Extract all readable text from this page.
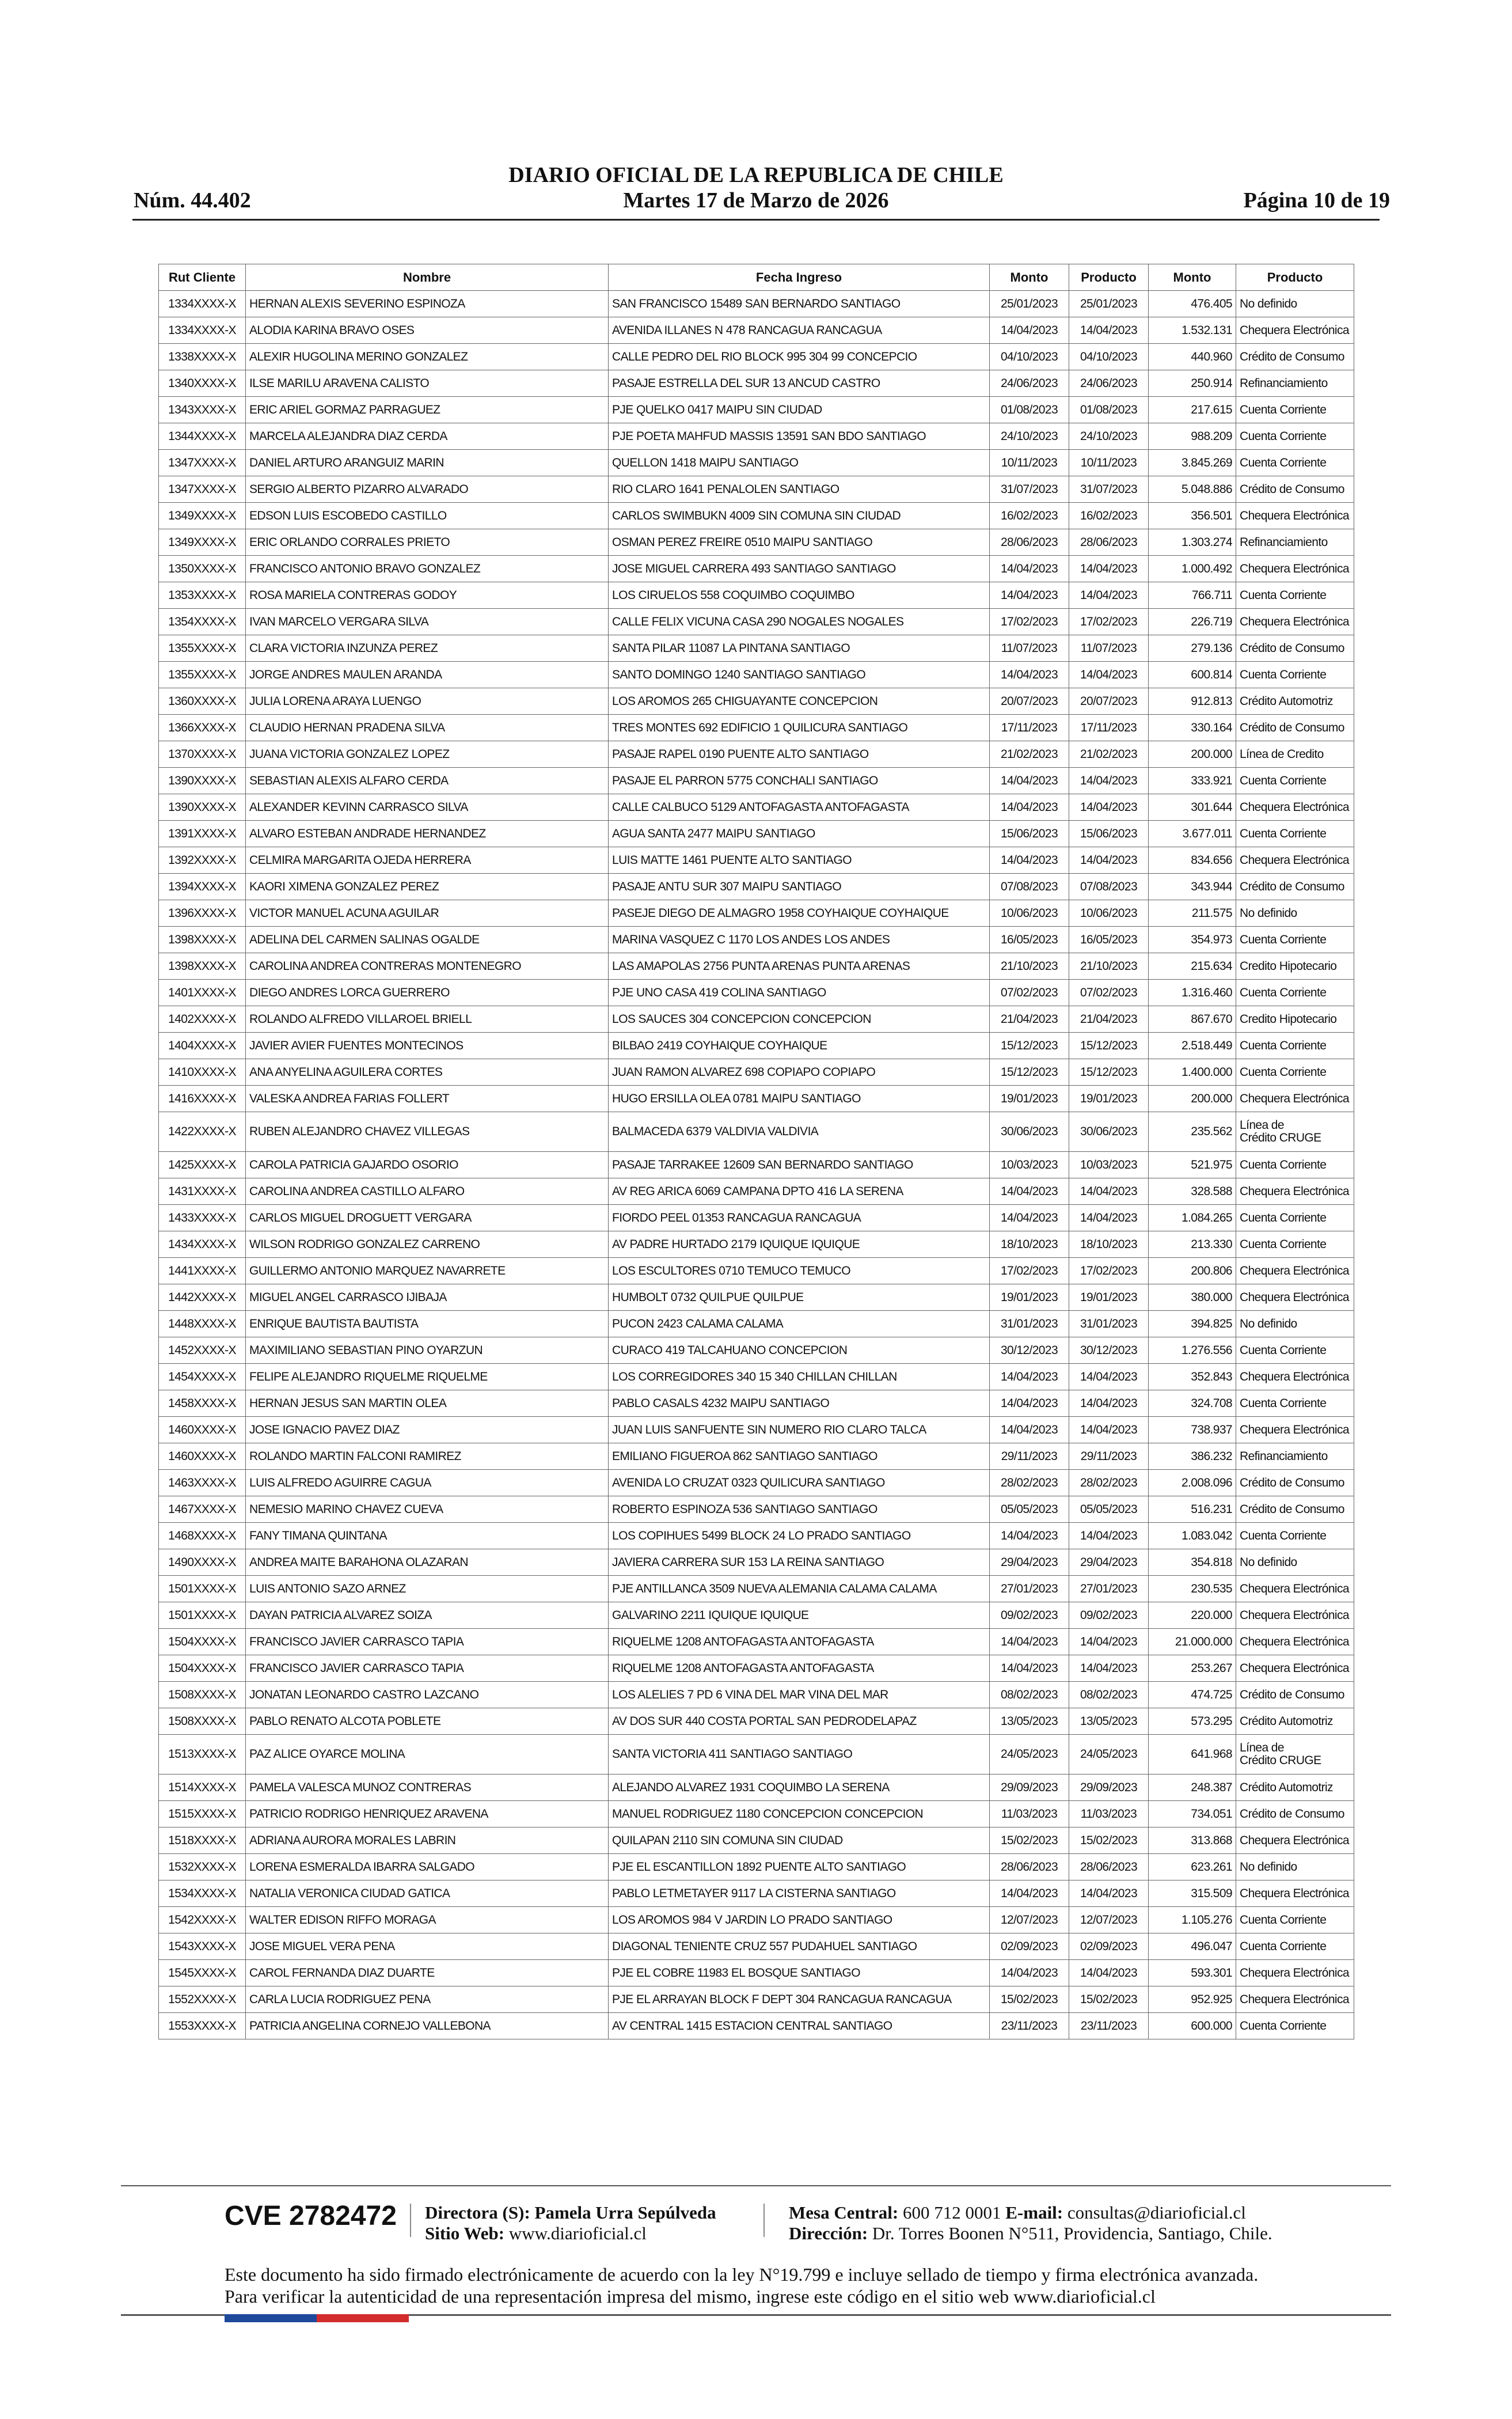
DIARIO OFICIAL DE LA REPUBLICA DE CHILE
Núm. 44.402	Martes 17 de Marzo de 2026	Página 10 de 19
Rut Cliente	Nombre	Fecha Ingreso	Monto	Producto	Monto	Producto
1334XXXX-X	HERNAN ALEXIS SEVERINO ESPINOZA	SAN FRANCISCO 15489 SAN BERNARDO SANTIAGO	25/01/2023	25/01/2023	476.405	No definido
1334XXXX-X	ALODIA KARINA BRAVO OSES	AVENIDA ILLANES N 478 RANCAGUA RANCAGUA	14/04/2023	14/04/2023	1.532.131	Chequera Electrónica
1338XXXX-X	ALEXIR HUGOLINA MERINO GONZALEZ	CALLE PEDRO DEL RIO BLOCK 995 304 99 CONCEPCIO	04/10/2023	04/10/2023	440.960	Crédito de Consumo
1340XXXX-X	ILSE MARILU ARAVENA CALISTO	PASAJE ESTRELLA DEL SUR 13 ANCUD CASTRO	24/06/2023	24/06/2023	250.914	Refinanciamiento
1343XXXX-X	ERIC ARIEL GORMAZ PARRAGUEZ	PJE QUELKO 0417 MAIPU SIN CIUDAD	01/08/2023	01/08/2023	217.615	Cuenta Corriente
1344XXXX-X	MARCELA ALEJANDRA DIAZ CERDA	PJE POETA MAHFUD MASSIS 13591 SAN BDO SANTIAGO	24/10/2023	24/10/2023	988.209	Cuenta Corriente
1347XXXX-X	DANIEL ARTURO ARANGUIZ MARIN	QUELLON 1418 MAIPU SANTIAGO	10/11/2023	10/11/2023	3.845.269	Cuenta Corriente
1347XXXX-X	SERGIO ALBERTO PIZARRO ALVARADO	RIO CLARO 1641 PENALOLEN SANTIAGO	31/07/2023	31/07/2023	5.048.886	Crédito de Consumo
1349XXXX-X	EDSON LUIS ESCOBEDO CASTILLO	CARLOS SWIMBUKN 4009 SIN COMUNA SIN CIUDAD	16/02/2023	16/02/2023	356.501	Chequera Electrónica
1349XXXX-X	ERIC ORLANDO CORRALES PRIETO	OSMAN PEREZ FREIRE 0510 MAIPU SANTIAGO	28/06/2023	28/06/2023	1.303.274	Refinanciamiento
1350XXXX-X	FRANCISCO ANTONIO BRAVO GONZALEZ	JOSE MIGUEL CARRERA 493 SANTIAGO SANTIAGO	14/04/2023	14/04/2023	1.000.492	Chequera Electrónica
1353XXXX-X	ROSA MARIELA CONTRERAS GODOY	LOS CIRUELOS 558 COQUIMBO COQUIMBO	14/04/2023	14/04/2023	766.711	Cuenta Corriente
1354XXXX-X	IVAN MARCELO VERGARA SILVA	CALLE FELIX VICUNA CASA 290 NOGALES NOGALES	17/02/2023	17/02/2023	226.719	Chequera Electrónica
1355XXXX-X	CLARA VICTORIA INZUNZA PEREZ	SANTA PILAR 11087 LA PINTANA SANTIAGO	11/07/2023	11/07/2023	279.136	Crédito de Consumo
1355XXXX-X	JORGE ANDRES MAULEN ARANDA	SANTO DOMINGO 1240 SANTIAGO SANTIAGO	14/04/2023	14/04/2023	600.814	Cuenta Corriente
1360XXXX-X	JULIA LORENA ARAYA LUENGO	LOS AROMOS 265 CHIGUAYANTE CONCEPCION	20/07/2023	20/07/2023	912.813	Crédito Automotriz
1366XXXX-X	CLAUDIO HERNAN PRADENA SILVA	TRES MONTES 692 EDIFICIO 1 QUILICURA SANTIAGO	17/11/2023	17/11/2023	330.164	Crédito de Consumo
1370XXXX-X	JUANA VICTORIA GONZALEZ LOPEZ	PASAJE RAPEL 0190 PUENTE ALTO SANTIAGO	21/02/2023	21/02/2023	200.000	Línea de Credito
1390XXXX-X	SEBASTIAN ALEXIS ALFARO CERDA	PASAJE EL PARRON 5775 CONCHALI SANTIAGO	14/04/2023	14/04/2023	333.921	Cuenta Corriente
1390XXXX-X	ALEXANDER KEVINN CARRASCO SILVA	CALLE CALBUCO 5129 ANTOFAGASTA ANTOFAGASTA	14/04/2023	14/04/2023	301.644	Chequera Electrónica
1391XXXX-X	ALVARO ESTEBAN ANDRADE HERNANDEZ	AGUA SANTA 2477 MAIPU SANTIAGO	15/06/2023	15/06/2023	3.677.011	Cuenta Corriente
1392XXXX-X	CELMIRA MARGARITA OJEDA HERRERA	LUIS MATTE 1461 PUENTE ALTO SANTIAGO	14/04/2023	14/04/2023	834.656	Chequera Electrónica
1394XXXX-X	KAORI XIMENA GONZALEZ PEREZ	PASAJE ANTU SUR 307 MAIPU SANTIAGO	07/08/2023	07/08/2023	343.944	Crédito de Consumo
1396XXXX-X	VICTOR MANUEL ACUNA AGUILAR	PASEJE DIEGO DE ALMAGRO 1958 COYHAIQUE COYHAIQUE	10/06/2023	10/06/2023	211.575	No definido
1398XXXX-X	ADELINA DEL CARMEN SALINAS OGALDE	MARINA VASQUEZ C 1170 LOS ANDES LOS ANDES	16/05/2023	16/05/2023	354.973	Cuenta Corriente
1398XXXX-X	CAROLINA ANDREA CONTRERAS MONTENEGRO	LAS AMAPOLAS 2756 PUNTA ARENAS PUNTA ARENAS	21/10/2023	21/10/2023	215.634	Credito Hipotecario
1401XXXX-X	DIEGO ANDRES LORCA GUERRERO	PJE UNO CASA 419 COLINA SANTIAGO	07/02/2023	07/02/2023	1.316.460	Cuenta Corriente
1402XXXX-X	ROLANDO ALFREDO VILLAROEL BRIELL	LOS SAUCES 304 CONCEPCION CONCEPCION	21/04/2023	21/04/2023	867.670	Credito Hipotecario
1404XXXX-X	JAVIER AVIER FUENTES MONTECINOS	BILBAO 2419 COYHAIQUE COYHAIQUE	15/12/2023	15/12/2023	2.518.449	Cuenta Corriente
1410XXXX-X	ANA ANYELINA AGUILERA CORTES	JUAN RAMON ALVAREZ 698 COPIAPO COPIAPO	15/12/2023	15/12/2023	1.400.000	Cuenta Corriente
1416XXXX-X	VALESKA ANDREA FARIAS FOLLERT	HUGO ERSILLA OLEA 0781 MAIPU SANTIAGO	19/01/2023	19/01/2023	200.000	Chequera Electrónica
1422XXXX-X	RUBEN ALEJANDRO CHAVEZ VILLEGAS	BALMACEDA 6379 VALDIVIA VALDIVIA	30/06/2023	30/06/2023	235.562	Línea de
Crédito CRUGE
1425XXXX-X	CAROLA PATRICIA GAJARDO OSORIO	PASAJE TARRAKEE 12609 SAN BERNARDO SANTIAGO	10/03/2023	10/03/2023	521.975	Cuenta Corriente
1431XXXX-X	CAROLINA ANDREA CASTILLO ALFARO	AV REG ARICA 6069 CAMPANA DPTO 416 LA SERENA	14/04/2023	14/04/2023	328.588	Chequera Electrónica
1433XXXX-X	CARLOS MIGUEL DROGUETT VERGARA	FIORDO PEEL 01353 RANCAGUA RANCAGUA	14/04/2023	14/04/2023	1.084.265	Cuenta Corriente
1434XXXX-X	WILSON RODRIGO GONZALEZ CARRENO	AV PADRE HURTADO 2179 IQUIQUE IQUIQUE	18/10/2023	18/10/2023	213.330	Cuenta Corriente
1441XXXX-X	GUILLERMO ANTONIO MARQUEZ NAVARRETE	LOS ESCULTORES 0710 TEMUCO TEMUCO	17/02/2023	17/02/2023	200.806	Chequera Electrónica
1442XXXX-X	MIGUEL ANGEL CARRASCO IJIBAJA	HUMBOLT 0732 QUILPUE QUILPUE	19/01/2023	19/01/2023	380.000	Chequera Electrónica
1448XXXX-X	ENRIQUE BAUTISTA BAUTISTA	PUCON 2423 CALAMA CALAMA	31/01/2023	31/01/2023	394.825	No definido
1452XXXX-X	MAXIMILIANO SEBASTIAN PINO OYARZUN	CURACO 419 TALCAHUANO CONCEPCION	30/12/2023	30/12/2023	1.276.556	Cuenta Corriente
1454XXXX-X	FELIPE ALEJANDRO RIQUELME RIQUELME	LOS CORREGIDORES 340 15 340 CHILLAN CHILLAN	14/04/2023	14/04/2023	352.843	Chequera Electrónica
1458XXXX-X	HERNAN JESUS SAN MARTIN OLEA	PABLO CASALS 4232 MAIPU SANTIAGO	14/04/2023	14/04/2023	324.708	Cuenta Corriente
1460XXXX-X	JOSE IGNACIO PAVEZ DIAZ	JUAN LUIS SANFUENTE SIN NUMERO RIO CLARO TALCA	14/04/2023	14/04/2023	738.937	Chequera Electrónica
1460XXXX-X	ROLANDO MARTIN FALCONI RAMIREZ	EMILIANO FIGUEROA 862 SANTIAGO SANTIAGO	29/11/2023	29/11/2023	386.232	Refinanciamiento
1463XXXX-X	LUIS ALFREDO AGUIRRE CAGUA	AVENIDA LO CRUZAT 0323 QUILICURA SANTIAGO	28/02/2023	28/02/2023	2.008.096	Crédito de Consumo
1467XXXX-X	NEMESIO MARINO CHAVEZ CUEVA	ROBERTO ESPINOZA 536 SANTIAGO SANTIAGO	05/05/2023	05/05/2023	516.231	Crédito de Consumo
1468XXXX-X	FANY TIMANA QUINTANA	LOS COPIHUES 5499 BLOCK 24 LO PRADO SANTIAGO	14/04/2023	14/04/2023	1.083.042	Cuenta Corriente
1490XXXX-X	ANDREA MAITE BARAHONA OLAZARAN	JAVIERA CARRERA SUR 153 LA REINA SANTIAGO	29/04/2023	29/04/2023	354.818	No definido
1501XXXX-X	LUIS ANTONIO SAZO ARNEZ	PJE ANTILLANCA 3509 NUEVA ALEMANIA CALAMA CALAMA	27/01/2023	27/01/2023	230.535	Chequera Electrónica
1501XXXX-X	DAYAN PATRICIA ALVAREZ SOIZA	GALVARINO 2211 IQUIQUE IQUIQUE	09/02/2023	09/02/2023	220.000	Chequera Electrónica
1504XXXX-X	FRANCISCO JAVIER CARRASCO TAPIA	RIQUELME 1208 ANTOFAGASTA ANTOFAGASTA	14/04/2023	14/04/2023	21.000.000	Chequera Electrónica
1504XXXX-X	FRANCISCO JAVIER CARRASCO TAPIA	RIQUELME 1208 ANTOFAGASTA ANTOFAGASTA	14/04/2023	14/04/2023	253.267	Chequera Electrónica
1508XXXX-X	JONATAN LEONARDO CASTRO LAZCANO	LOS ALELIES 7 PD 6 VINA DEL MAR VINA DEL MAR	08/02/2023	08/02/2023	474.725	Crédito de Consumo
1508XXXX-X	PABLO RENATO ALCOTA POBLETE	AV DOS SUR 440 COSTA PORTAL SAN PEDRODELAPAZ	13/05/2023	13/05/2023	573.295	Crédito Automotriz
1513XXXX-X	PAZ ALICE OYARCE MOLINA	SANTA VICTORIA 411 SANTIAGO SANTIAGO	24/05/2023	24/05/2023	641.968	Línea de
Crédito CRUGE
1514XXXX-X	PAMELA VALESCA MUNOZ CONTRERAS	ALEJANDO ALVAREZ 1931 COQUIMBO LA SERENA	29/09/2023	29/09/2023	248.387	Crédito Automotriz
1515XXXX-X	PATRICIO RODRIGO HENRIQUEZ ARAVENA	MANUEL RODRIGUEZ 1180 CONCEPCION CONCEPCION	11/03/2023	11/03/2023	734.051	Crédito de Consumo
1518XXXX-X	ADRIANA AURORA MORALES LABRIN	QUILAPAN 2110 SIN COMUNA SIN CIUDAD	15/02/2023	15/02/2023	313.868	Chequera Electrónica
1532XXXX-X	LORENA ESMERALDA IBARRA SALGADO	PJE EL ESCANTILLON 1892 PUENTE ALTO SANTIAGO	28/06/2023	28/06/2023	623.261	No definido
1534XXXX-X	NATALIA VERONICA CIUDAD GATICA	PABLO LETMETAYER 9117 LA CISTERNA SANTIAGO	14/04/2023	14/04/2023	315.509	Chequera Electrónica
1542XXXX-X	WALTER EDISON RIFFO MORAGA	LOS AROMOS 984 V JARDIN LO PRADO SANTIAGO	12/07/2023	12/07/2023	1.105.276	Cuenta Corriente
1543XXXX-X	JOSE MIGUEL VERA PENA	DIAGONAL TENIENTE CRUZ 557 PUDAHUEL SANTIAGO	02/09/2023	02/09/2023	496.047	Cuenta Corriente
1545XXXX-X	CAROL FERNANDA DIAZ DUARTE	PJE EL COBRE 11983 EL BOSQUE SANTIAGO	14/04/2023	14/04/2023	593.301	Chequera Electrónica
1552XXXX-X	CARLA LUCIA RODRIGUEZ PENA	PJE EL ARRAYAN BLOCK F DEPT 304 RANCAGUA RANCAGUA	15/02/2023	15/02/2023	952.925	Chequera Electrónica
1553XXXX-X	PATRICIA ANGELINA CORNEJO VALLEBONA	AV CENTRAL 1415 ESTACION CENTRAL SANTIAGO	23/11/2023	23/11/2023	600.000	Cuenta Corriente
CVE 2782472 Directora (S): Pamela Urra Sepúlveda
Sitio Web: www.diarioficial.cl
Mesa Central: 600 712 0001 E-mail: consultas@diarioficial.cl
Dirección: Dr. Torres Boonen N°511, Providencia, Santiago, Chile.
Este documento ha sido firmado electrónicamente de acuerdo con la ley N°19.799 e incluye sellado de tiempo y firma electrónica avanzada. Para verificar la autenticidad de una representación impresa del mismo, ingrese este código en el sitio web www.diarioficial.cl
